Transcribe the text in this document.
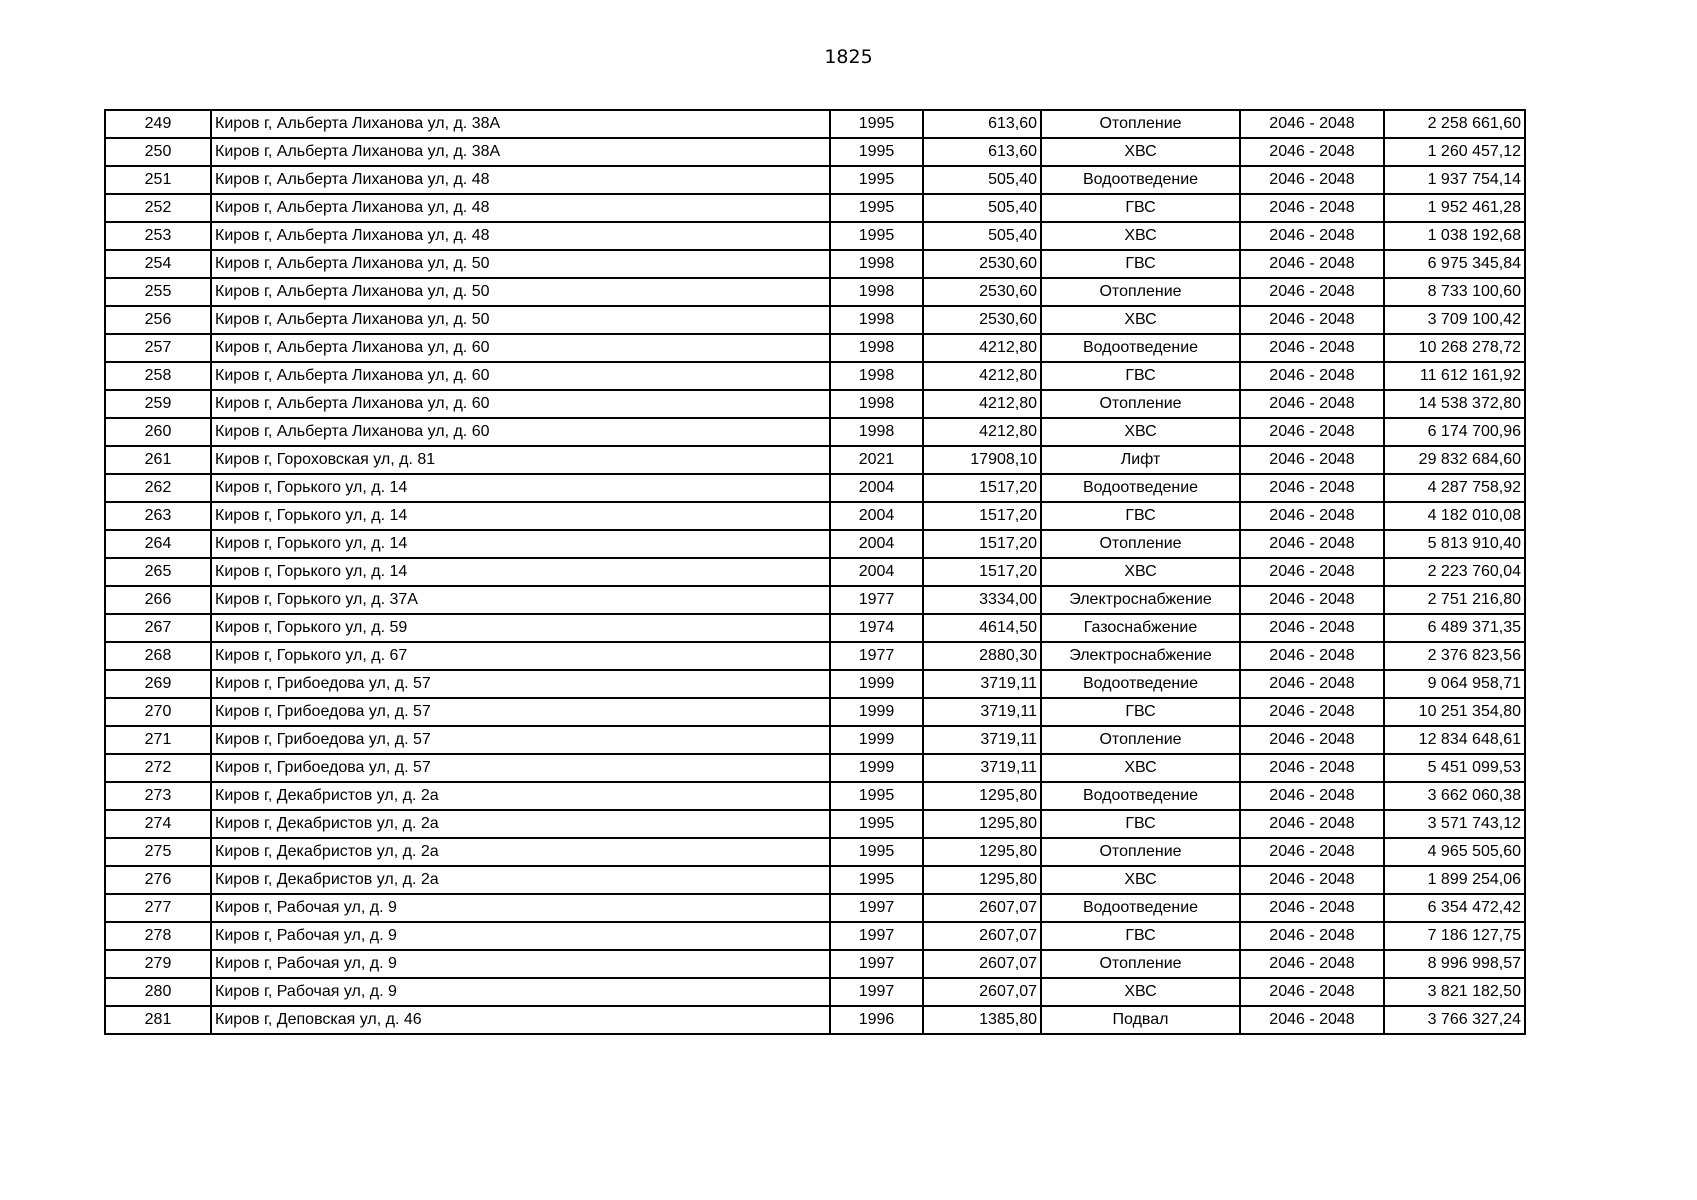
1825
249	Киров г, Альберта Лиханова ул, д. 38А	1995	613,60	Отопление	2046 - 2048	2 258 661,60
250	Киров г, Альберта Лиханова ул, д. 38А	1995	613,60	ХВС	2046 - 2048	1 260 457,12
251	Киров г, Альберта Лиханова ул, д. 48	1995	505,40	Водоотведение	2046 - 2048	1 937 754,14
252	Киров г, Альберта Лиханова ул, д. 48	1995	505,40	ГВС	2046 - 2048	1 952 461,28
253	Киров г, Альберта Лиханова ул, д. 48	1995	505,40	ХВС	2046 - 2048	1 038 192,68
254	Киров г, Альберта Лиханова ул, д. 50	1998	2530,60	ГВС	2046 - 2048	6 975 345,84
255	Киров г, Альберта Лиханова ул, д. 50	1998	2530,60	Отопление	2046 - 2048	8 733 100,60
256	Киров г, Альберта Лиханова ул, д. 50	1998	2530,60	ХВС	2046 - 2048	3 709 100,42
257	Киров г, Альберта Лиханова ул, д. 60	1998	4212,80	Водоотведение	2046 - 2048	10 268 278,72
258	Киров г, Альберта Лиханова ул, д. 60	1998	4212,80	ГВС	2046 - 2048	11 612 161,92
259	Киров г, Альберта Лиханова ул, д. 60	1998	4212,80	Отопление	2046 - 2048	14 538 372,80
260	Киров г, Альберта Лиханова ул, д. 60	1998	4212,80	ХВС	2046 - 2048	6 174 700,96
261	Киров г, Гороховская ул, д. 81	2021	17908,10	Лифт	2046 - 2048	29 832 684,60
262	Киров г, Горького ул, д. 14	2004	1517,20	Водоотведение	2046 - 2048	4 287 758,92
263	Киров г, Горького ул, д. 14	2004	1517,20	ГВС	2046 - 2048	4 182 010,08
264	Киров г, Горького ул, д. 14	2004	1517,20	Отопление	2046 - 2048	5 813 910,40
265	Киров г, Горького ул, д. 14	2004	1517,20	ХВС	2046 - 2048	2 223 760,04
266	Киров г, Горького ул, д. 37А	1977	3334,00	Электроснабжение	2046 - 2048	2 751 216,80
267	Киров г, Горького ул, д. 59	1974	4614,50	Газоснабжение	2046 - 2048	6 489 371,35
268	Киров г, Горького ул, д. 67	1977	2880,30	Электроснабжение	2046 - 2048	2 376 823,56
269	Киров г, Грибоедова ул, д. 57	1999	3719,11	Водоотведение	2046 - 2048	9 064 958,71
270	Киров г, Грибоедова ул, д. 57	1999	3719,11	ГВС	2046 - 2048	10 251 354,80
271	Киров г, Грибоедова ул, д. 57	1999	3719,11	Отопление	2046 - 2048	12 834 648,61
272	Киров г, Грибоедова ул, д. 57	1999	3719,11	ХВС	2046 - 2048	5 451 099,53
273	Киров г, Декабристов ул, д. 2а	1995	1295,80	Водоотведение	2046 - 2048	3 662 060,38
274	Киров г, Декабристов ул, д. 2а	1995	1295,80	ГВС	2046 - 2048	3 571 743,12
275	Киров г, Декабристов ул, д. 2а	1995	1295,80	Отопление	2046 - 2048	4 965 505,60
276	Киров г, Декабристов ул, д. 2а	1995	1295,80	ХВС	2046 - 2048	1 899 254,06
277	Киров г, Рабочая ул, д. 9	1997	2607,07	Водоотведение	2046 - 2048	6 354 472,42
278	Киров г, Рабочая ул, д. 9	1997	2607,07	ГВС	2046 - 2048	7 186 127,75
279	Киров г, Рабочая ул, д. 9	1997	2607,07	Отопление	2046 - 2048	8 996 998,57
280	Киров г, Рабочая ул, д. 9	1997	2607,07	ХВС	2046 - 2048	3 821 182,50
281	Киров г, Деповская ул, д. 46	1996	1385,80	Подвал	2046 - 2048	3 766 327,24
